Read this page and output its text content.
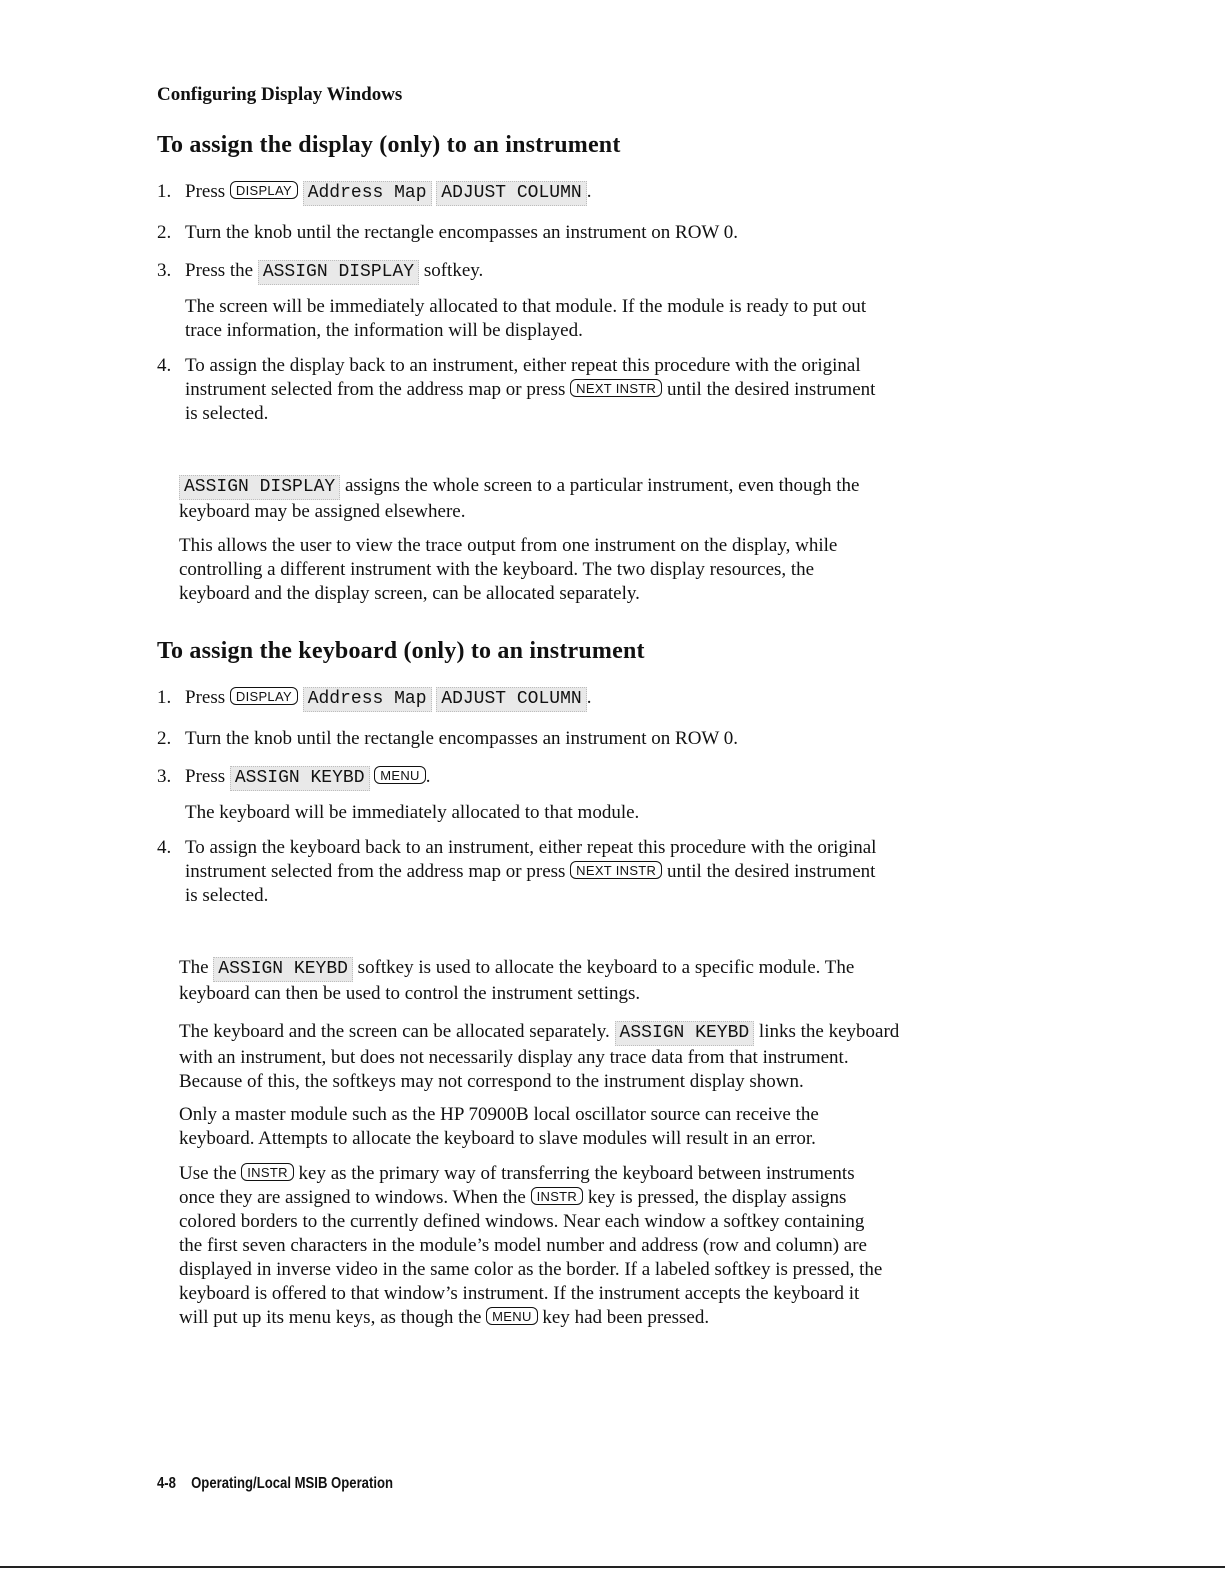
Configuring Display Windows
To assign the display (only) to an instrument
1. Press DISPLAY Address Map ADJUST COLUMN .
2. Turn the knob until the rectangle encompasses an instrument on ROW 0.
3. Press the ASSIGN DISPLAY softkey.
The screen will be immediately allocated to that module. If the module is ready to put out
trace information, the information will be displayed.
4. To assign the display back to an instrument, either repeat this procedure with the original
instrument selected from the address map or press NEXT INSTR until the desired instrument
is selected.
ASSIGN DISPLAY assigns the whole screen to a particular instrument, even though the
keyboard may be assigned elsewhere.
This allows the user to view the trace output from one instrument on the display, while
controlling a different instrument with the keyboard. The two display resources, the
keyboard and the display screen, can be allocated separately.
To assign the keyboard (only) to an instrument
1. Press DISPLAY Address Map ADJUST COLUMN .
2. Turn the knob until the rectangle encompasses an instrument on ROW 0.
3. Press ASSIGN KEYBD MENU .
The keyboard will be immediately allocated to that module.
4. To assign the keyboard back to an instrument, either repeat this procedure with the original
instrument selected from the address map or press NEXT INSTR until the desired instrument
is selected.
The ASSIGN KEYBD softkey is used to allocate the keyboard to a specific module. The
keyboard can then be used to control the instrument settings.
The keyboard and the screen can be allocated separately. ASSIGN KEYBD links the keyboard
with an instrument, but does not necessarily display any trace data from that instrument.
Because of this, the softkeys may not correspond to the instrument display shown.
Only a master module such as the HP 70900B local oscillator source can receive the
keyboard. Attempts to allocate the keyboard to slave modules will result in an error.
Use the INSTR key as the primary way of transferring the keyboard between instruments
once they are assigned to windows. When the INSTR key is pressed, the display assigns
colored borders to the currently defined windows. Near each window a softkey containing
the first seven characters in the module’s model number and address (row and column) are
displayed in inverse video in the same color as the border. If a labeled softkey is pressed, the
keyboard is offered to that window’s instrument. If the instrument accepts the keyboard it
will put up its menu keys, as though the MENU key had been pressed.
4-8 Operating/Local MSIB Operation
